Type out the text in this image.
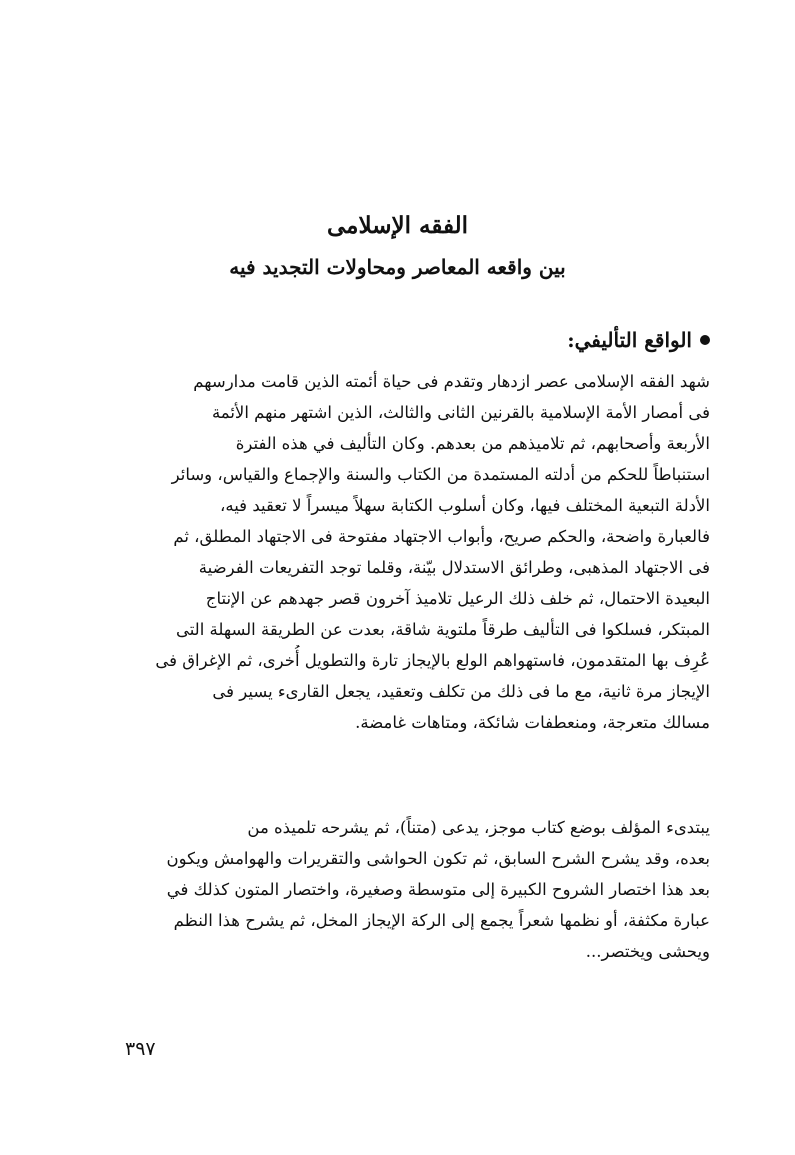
الفقه الإسلامى
بين واقعه المعاصر ومحاولات التجديد فيه
الواقع التأليفي:
شهد الفقه الإسلامى عصر ازدهار وتقدم فى حياة أئمته الذين قامت مدارسهم
فى أمصار الأمة الإسلامية بالقرنين الثانى والثالث، الذين اشتهر منهم الأئمة
الأربعة وأصحابهم، ثم تلاميذهم من بعدهم. وكان التأليف في هذه الفترة
استنباطاً للحكم من أدلته المستمدة من الكتاب والسنة والإجماع والقياس، وسائر
الأدلة التبعية المختلف فيها، وكان أسلوب الكتابة سهلاً ميسراً لا تعقيد فيه،
فالعبارة واضحة، والحكم صريح، وأبواب الاجتهاد مفتوحة فى الاجتهاد المطلق، ثم
فى الاجتهاد المذهبى، وطرائق الاستدلال بيّنة، وقلما توجد التفريعات الفرضية
البعيدة الاحتمال، ثم خلف ذلك الرعيل تلاميذ آخرون قصر جهدهم عن الإنتاج
المبتكر، فسلكوا فى التأليف طرقاً ملتوية شاقة، بعدت عن الطريقة السهلة التى
عُرِف بها المتقدمون، فاستهواهم الولع بالإيجاز تارة والتطويل أُخرى، ثم الإغراق فى
الإيجاز مرة ثانية، مع ما فى ذلك من تكلف وتعقيد، يجعل القارىء يسير فى
مسالك متعرجة، ومنعطفات شائكة، ومتاهات غامضة.
يبتدىء المؤلف بوضع كتاب موجز، يدعى (متناً)، ثم يشرحه تلميذه من
بعده، وقد يشرح الشرح السابق، ثم تكون الحواشى والتقريرات والهوامش ويكون
بعد هذا اختصار الشروح الكبيرة إلى متوسطة وصغيرة، واختصار المتون كذلك في
عبارة مكثفة، أو نظمها شعراً يجمع إلى الركة الإيجاز المخل، ثم يشرح هذا النظم
ويحشى ويختصر...
٣٩٧
